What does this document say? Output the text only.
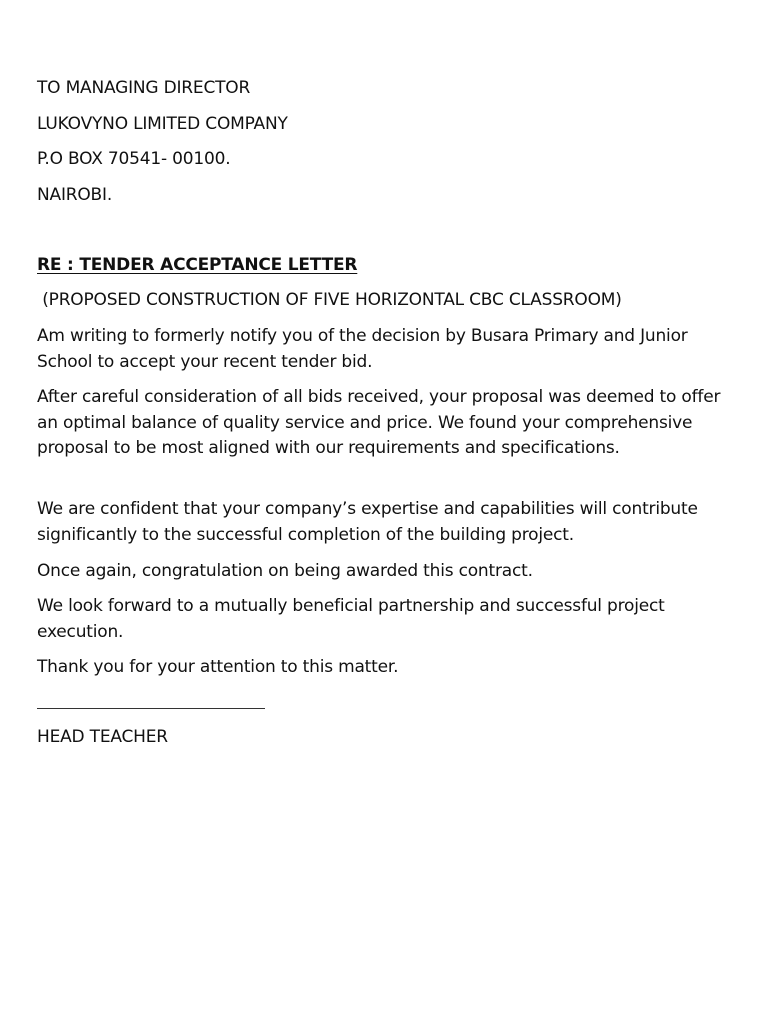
TO MANAGING DIRECTOR
LUKOVYNO LIMITED COMPANY
P.O BOX 70541- 00100.
NAIROBI.
RE : TENDER ACCEPTANCE LETTER
(PROPOSED CONSTRUCTION OF FIVE HORIZONTAL CBC CLASSROOM)
Am writing to formerly notify you of the decision by Busara Primary and Junior School to accept your recent tender bid.
After careful consideration of all bids received, your proposal was deemed to offer an optimal balance of quality service and price. We found your comprehensive proposal to be most aligned with our requirements and specifications.
We are confident that your company’s expertise and capabilities will contribute significantly to the successful completion of the building project.
Once again, congratulation on being awarded this contract.
We look forward to a mutually beneficial partnership and successful project execution.
Thank you for your attention to this matter.
HEAD TEACHER
